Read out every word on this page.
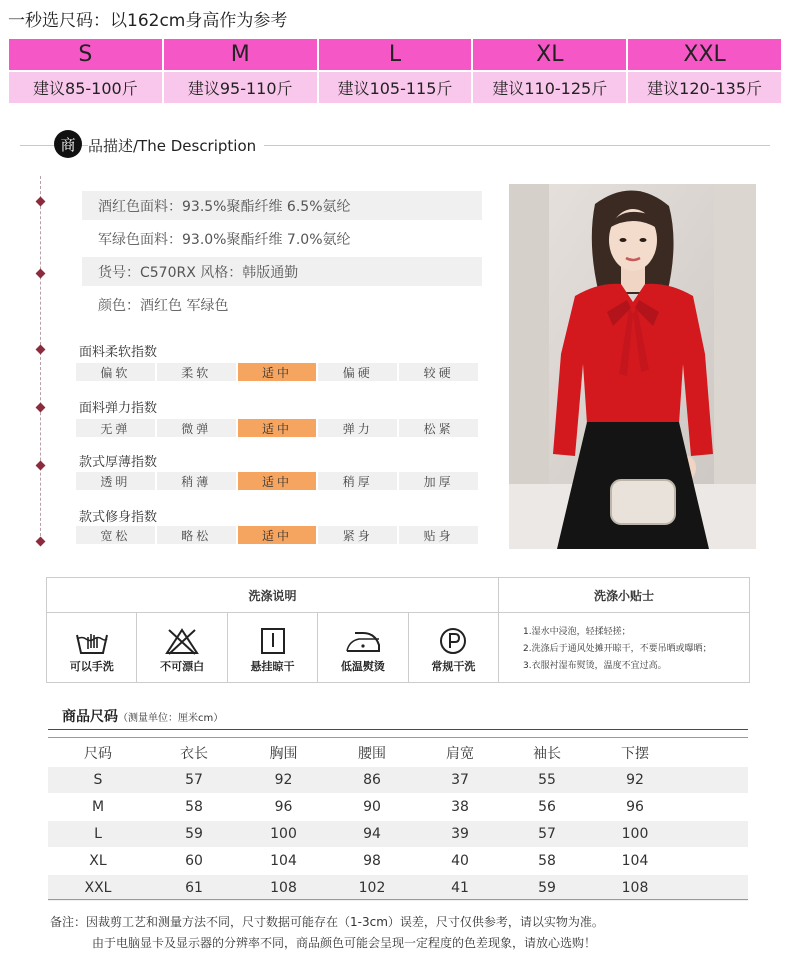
一秒选尺码：以162cm身高作为参考
S	M	L	XL	XXL
建议85-100斤	建议95-110斤	建议105-115斤	建议110-125斤	建议120-135斤
商 品描述/The Description
酒红色面料：93.5%聚酯纤维 6.5%氨纶
军绿色面料：93.0%聚酯纤维 7.0%氨纶
货号：C570RX 风格：韩版通勤
颜色：酒红色 军绿色
面料柔软指数
偏软	柔软	适中	偏硬	较硬
面料弹力指数
无弹	微弹	适中	弹力	松紧
款式厚薄指数
透明	稍薄	适中	稍厚	加厚
款式修身指数
宽松	略松	适中	紧身	贴身
洗涤说明	洗涤小贴士
可以手洗	不可漂白	悬挂晾干	低温熨烫	常规干洗
1.湿水中浸泡，轻揉轻搓；
2.洗涤后于通风处摊开晾干，不要吊晒或曝晒；
3.衣服衬湿布熨烫，温度不宜过高。
商品尺码（测量单位：厘米cm）
尺码	衣长	胸围	腰围	肩宽	袖长	下摆
S	57	92	86	37	55	92
M	58	96	90	38	56	96
L	59	100	94	39	57	100
XL	60	104	98	40	58	104
XXL	61	108	102	41	59	108
备注：因裁剪工艺和测量方法不同，尺寸数据可能存在（1-3cm）误差，尺寸仅供参考，请以实物为准。
由于电脑显卡及显示器的分辨率不同，商品颜色可能会呈现一定程度的色差现象，请放心选购！
